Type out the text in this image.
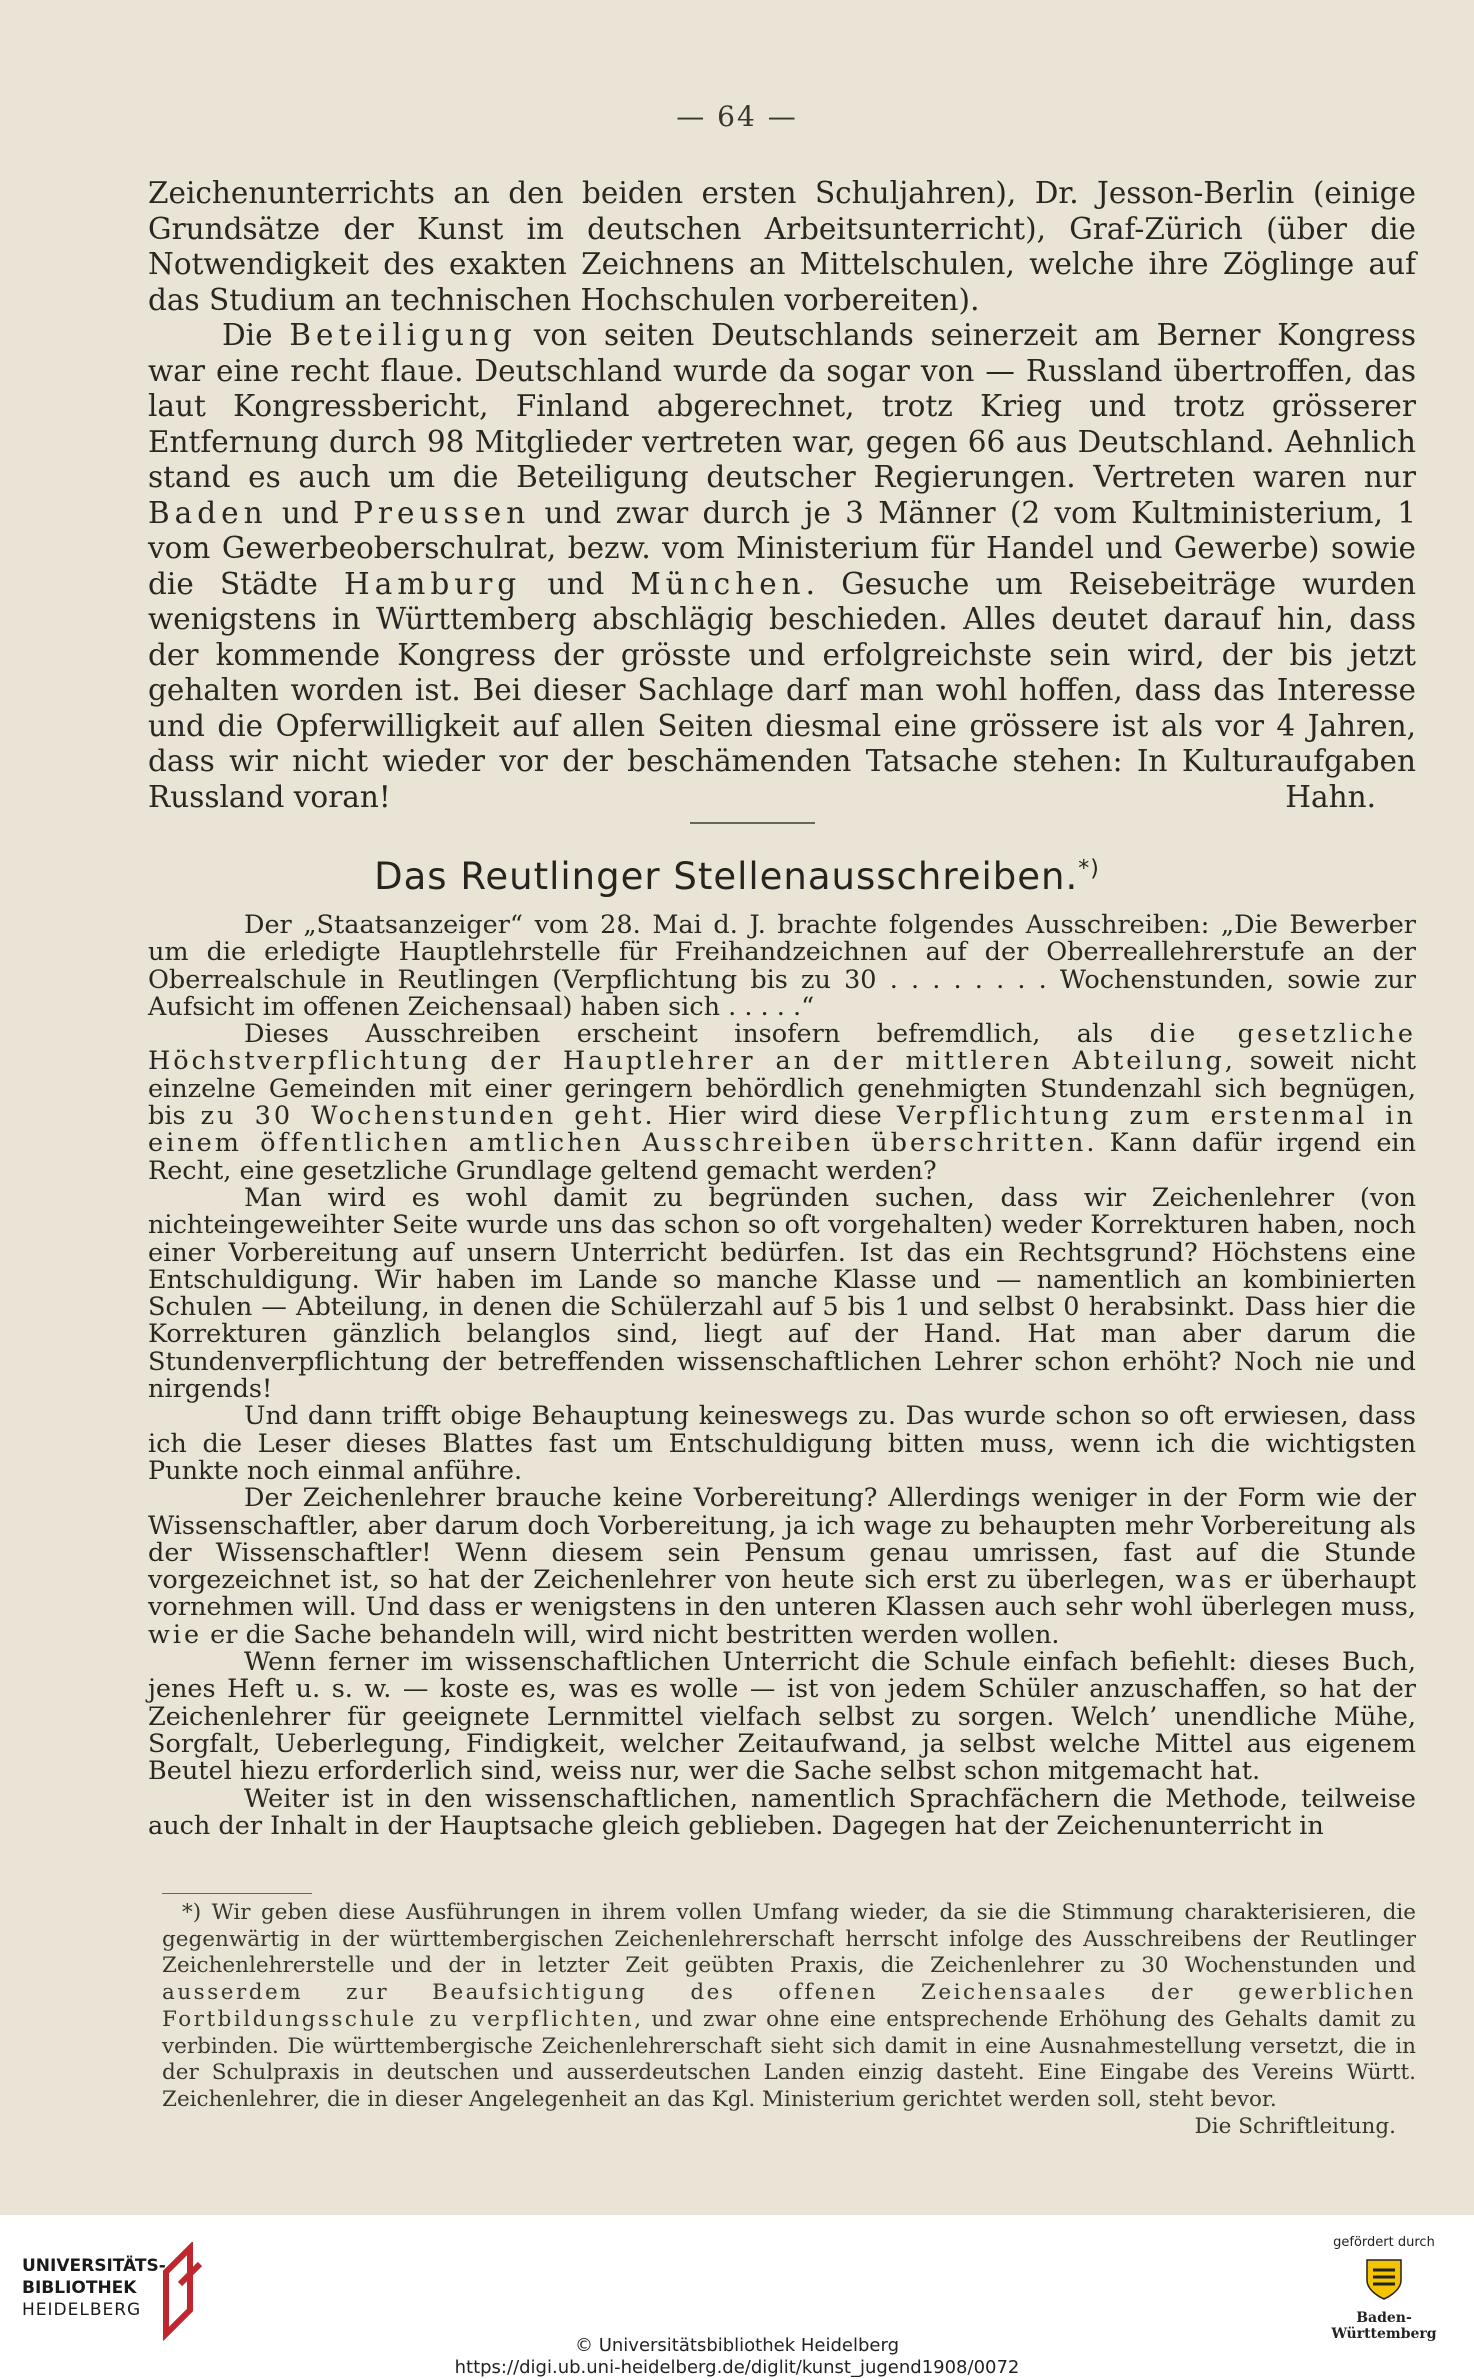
— 64 —

Zeichenunterrichts an den beiden ersten Schuljahren), Dr. Jesson-Berlin (einige Grundsätze der Kunst im deutschen Arbeitsunterricht), Graf-Zürich (über die Notwendigkeit des exakten Zeichnens an Mittelschulen, welche ihre Zöglinge auf das Studium an technischen Hochschulen vorbereiten).

Die Beteiligung von seiten Deutschlands seinerzeit am Berner Kongress war eine recht flaue. Deutschland wurde da sogar von — Russland übertroffen, das laut Kongressbericht, Finland abgerechnet, trotz Krieg und trotz grösserer Entfernung durch 98 Mitglieder vertreten war, gegen 66 aus Deutschland. Aehnlich stand es auch um die Beteiligung deutscher Regierungen. Vertreten waren nur Baden und Preussen und zwar durch je 3 Männer (2 vom Kultministerium, 1 vom Gewerbeoberschulrat, bezw. vom Ministerium für Handel und Gewerbe) sowie die Städte Hamburg und München. Gesuche um Reisebeiträge wurden wenigstens in Württemberg abschlägig beschieden. Alles deutet darauf hin, dass der kommende Kongress der grösste und erfolgreichste sein wird, der bis jetzt gehalten worden ist. Bei dieser Sachlage darf man wohl hoffen, dass das Interesse und die Opferwilligkeit auf allen Seiten diesmal eine grössere ist als vor 4 Jahren, dass wir nicht wieder vor der beschämenden Tatsache stehen: In Kulturaufgaben Russland voran!	Hahn.
Das Reutlinger Stellenausschreiben.*)

Der „Staatsanzeiger“ vom 28. Mai d. J. brachte folgendes Ausschreiben: „Die Bewerber um die erledigte Hauptlehrstelle für Freihandzeichnen auf der Oberreallehrerstufe an der Oberrealschule in Reutlingen (Verpflichtung bis zu 30 . . . . . . . . Wochenstunden, sowie zur Aufsicht im offenen Zeichensaal) haben sich . . . . .“

Dieses Ausschreiben erscheint insofern befremdlich, als die gesetzliche Höchstverpflichtung der Hauptlehrer an der mittleren Abteilung, soweit nicht einzelne Gemeinden mit einer geringern behördlich genehmigten Stundenzahl sich begnügen, bis zu 30 Wochenstunden geht. Hier wird diese Verpflichtung zum erstenmal in einem öffentlichen amtlichen Ausschreiben überschritten. Kann dafür irgend ein Recht, eine gesetzliche Grundlage geltend gemacht werden?

Man wird es wohl damit zu begründen suchen, dass wir Zeichenlehrer (von nichteingeweihter Seite wurde uns das schon so oft vorgehalten) weder Korrekturen haben, noch einer Vorbereitung auf unsern Unterricht bedürfen. Ist das ein Rechtsgrund? Höchstens eine Entschuldigung. Wir haben im Lande so manche Klasse und — namentlich an kombinierten Schulen — Abteilung, in denen die Schülerzahl auf 5 bis 1 und selbst 0 herabsinkt. Dass hier die Korrekturen gänzlich belanglos sind, liegt auf der Hand. Hat man aber darum die Stundenverpflichtung der betreffenden wissenschaftlichen Lehrer schon erhöht? Noch nie und nirgends!

Und dann trifft obige Behauptung keineswegs zu. Das wurde schon so oft erwiesen, dass ich die Leser dieses Blattes fast um Entschuldigung bitten muss, wenn ich die wichtigsten Punkte noch einmal anführe.

Der Zeichenlehrer brauche keine Vorbereitung? Allerdings weniger in der Form wie der Wissenschaftler, aber darum doch Vorbereitung, ja ich wage zu behaupten mehr Vorbereitung als der Wissenschaftler! Wenn diesem sein Pensum genau umrissen, fast auf die Stunde vorgezeichnet ist, so hat der Zeichenlehrer von heute sich erst zu überlegen, was er überhaupt vornehmen will. Und dass er wenigstens in den unteren Klassen auch sehr wohl überlegen muss, wie er die Sache behandeln will, wird nicht bestritten werden wollen.

Wenn ferner im wissenschaftlichen Unterricht die Schule einfach befiehlt: dieses Buch, jenes Heft u. s. w. — koste es, was es wolle — ist von jedem Schüler anzuschaffen, so hat der Zeichenlehrer für geeignete Lernmittel vielfach selbst zu sorgen. Welch’ unendliche Mühe, Sorgfalt, Ueberlegung, Findigkeit, welcher Zeitaufwand, ja selbst welche Mittel aus eigenem Beutel hiezu erforderlich sind, weiss nur, wer die Sache selbst schon mitgemacht hat.

Weiter ist in den wissenschaftlichen, namentlich Sprachfächern die Methode, teilweise auch der Inhalt in der Hauptsache gleich geblieben. Dagegen hat der Zeichenunterricht in

*) Wir geben diese Ausführungen in ihrem vollen Umfang wieder, da sie die Stimmung charakterisieren, die gegenwärtig in der württembergischen Zeichenlehrerschaft herrscht infolge des Ausschreibens der Reutlinger Zeichenlehrerstelle und der in letzter Zeit geübten Praxis, die Zeichenlehrer zu 30 Wochenstunden und ausserdem zur Beaufsichtigung des offenen Zeichensaales der gewerblichen Fortbildungsschule zu verpflichten, und zwar ohne eine entsprechende Erhöhung des Gehalts damit zu verbinden. Die württembergische Zeichenlehrerschaft sieht sich damit in eine Ausnahmestellung versetzt, die in der Schulpraxis in deutschen und ausserdeutschen Landen einzig dasteht. Eine Eingabe des Vereins Württ. Zeichenlehrer, die in dieser Angelegenheit an das Kgl. Ministerium gerichtet werden soll, steht bevor.

Die Schriftleitung.
UNIVERSITÄTS-
BIBLIOTHEK
HEIDELBERG
© Universitätsbibliothek Heidelberg
https://digi.ub.uni-heidelberg.de/diglit/kunst_jugend1908/0072
gefördert durch
Baden-Württemberg
